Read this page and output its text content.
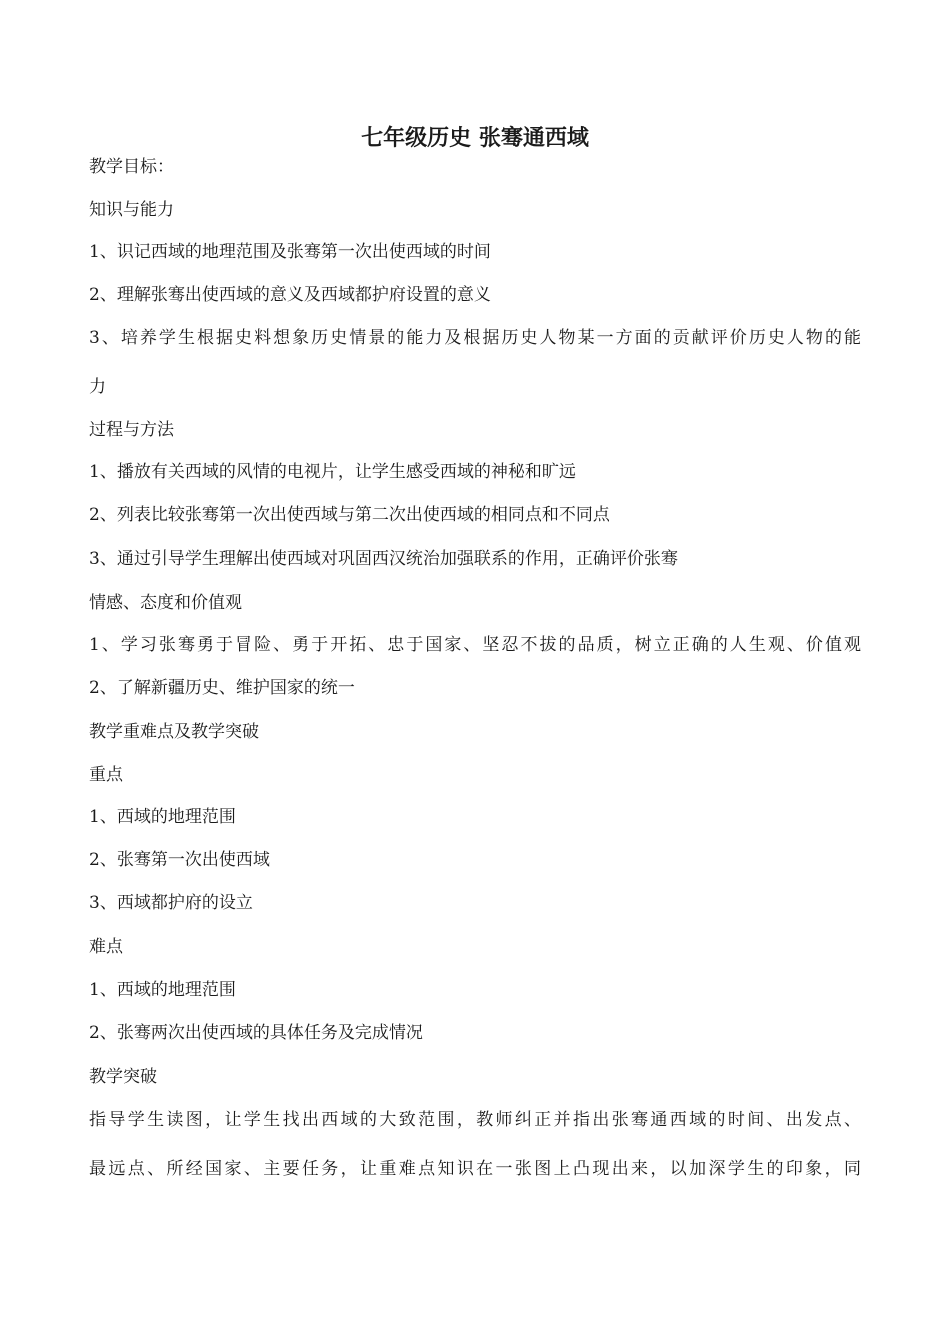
七年级历史 张骞通西域
教学目标：
知识与能力
1、识记西域的地理范围及张骞第一次出使西域的时间
2、理解张骞出使西域的意义及西域都护府设置的意义
3、培养学生根据史料想象历史情景的能力及根据历史人物某一方面的贡献评价历史人物的能
力
过程与方法
1、播放有关西域的风情的电视片，让学生感受西域的神秘和旷远
2、列表比较张骞第一次出使西域与第二次出使西域的相同点和不同点
3、通过引导学生理解出使西域对巩固西汉统治加强联系的作用，正确评价张骞
情感、态度和价值观
1、学习张骞勇于冒险、勇于开拓、忠于国家、坚忍不拔的品质，树立正确的人生观、价值观
2、了解新疆历史、维护国家的统一
教学重难点及教学突破
重点
1、西域的地理范围
2、张骞第一次出使西域
3、西域都护府的设立
难点
1、西域的地理范围
2、张骞两次出使西域的具体任务及完成情况
教学突破
指导学生读图，让学生找出西域的大致范围，教师纠正并指出张骞通西域的时间、出发点、
最远点、所经国家、主要任务，让重难点知识在一张图上凸现出来，以加深学生的印象，同
